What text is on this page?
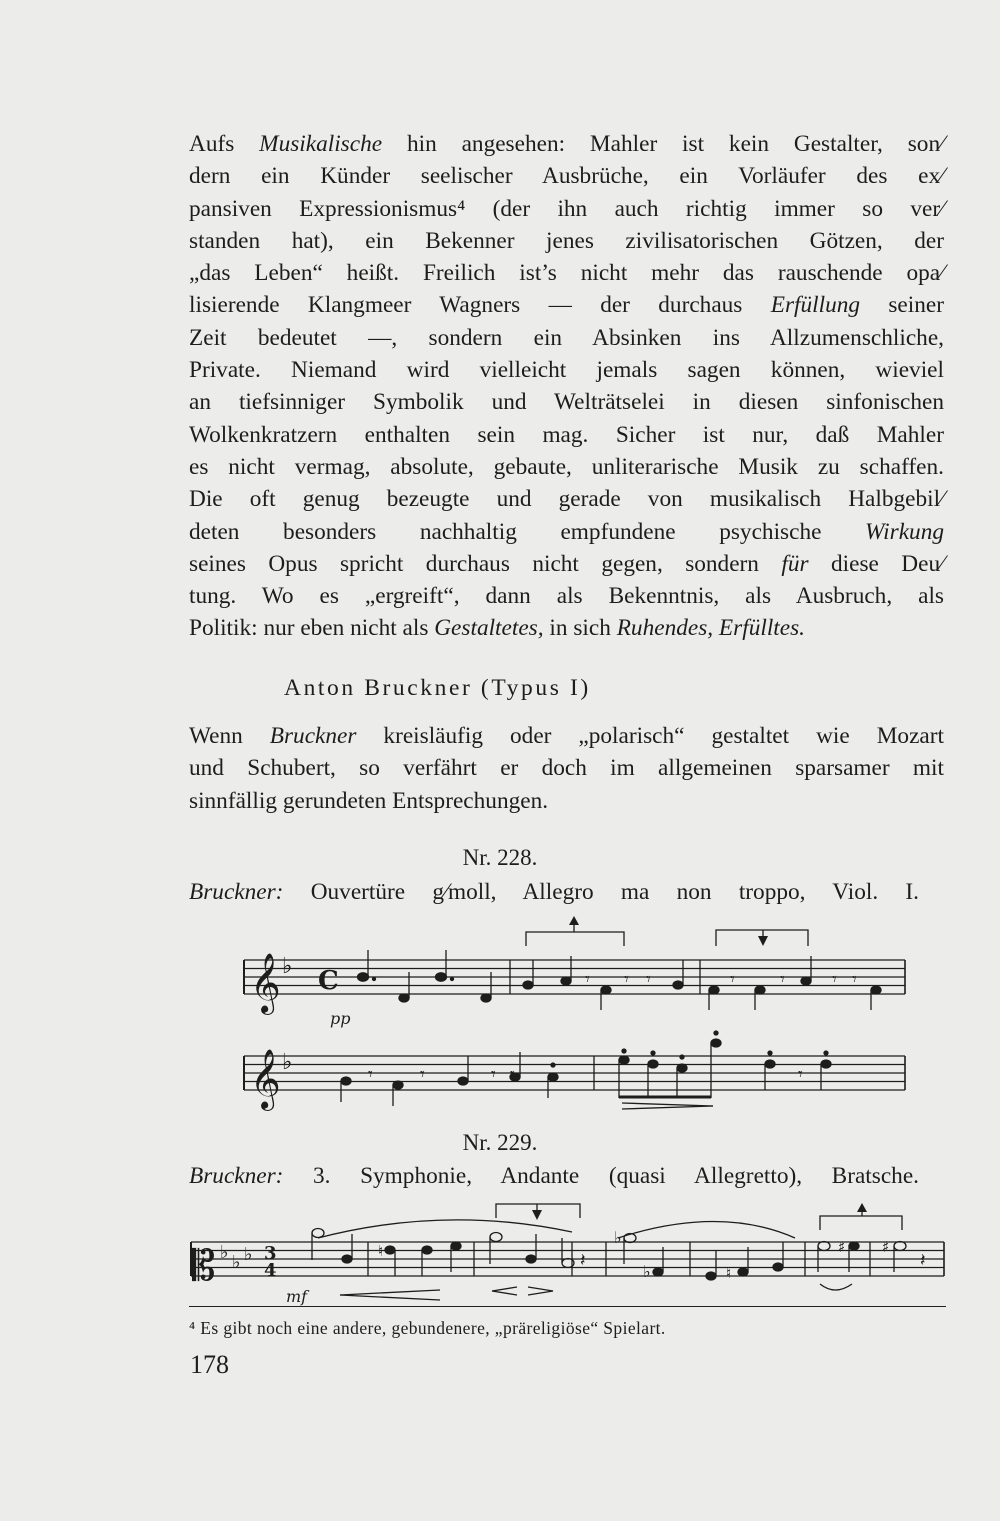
Aufs Musikalische hin angesehen: Mahler ist kein Gestalter, son⁄
dern ein Künder seelischer Ausbrüche, ein Vorläufer des ex⁄
pansiven Expressionismus⁴ (der ihn auch richtig immer so ver⁄
standen hat), ein Bekenner jenes zivilisatorischen Götzen, der
„das Leben“ heißt. Freilich ist’s nicht mehr das rauschende opa⁄
lisierende Klangmeer Wagners — der durchaus Erfüllung seiner
Zeit bedeutet —, sondern ein Absinken ins Allzumenschliche,
Private. Niemand wird vielleicht jemals sagen können, wieviel
an tiefsinniger Symbolik und Welträtselei in diesen sinfonischen
Wolkenkratzern enthalten sein mag. Sicher ist nur, daß Mahler
es nicht vermag, absolute, gebaute, unliterarische Musik zu schaffen.
Die oft genug bezeugte und gerade von musikalisch Halbgebil⁄
deten besonders nachhaltig empfundene psychische Wirkung
seines Opus spricht durchaus nicht gegen, sondern für diese Deu⁄
tung. Wo es „ergreift“, dann als Bekenntnis, als Ausbruch, als
Politik: nur eben nicht als Gestaltetes, in sich Ruhendes, Erfülltes.
Anton Bruckner (Typus I)
Wenn Bruckner kreisläufig oder „polarisch“ gestaltet wie Mozart
und Schubert, so verfährt er doch im allgemeinen sparsamer mit
sinnfällig gerundeten Entsprechungen.
Nr. 228.
Bruckner: Ouvertüre g⁄moll, Allegro ma non troppo, Viol. I.
𝄞 ♭ C
pp
𝄞 ♭	𝄾	𝄾	𝄾 𝄾	𝄾
𝄾 𝄾 𝄾	𝄾	𝄾	𝄾 𝄾
Nr. 229.
Bruckner: 3. Symphonie, Andante (quasi Allegretto), Bratsche.
𝄡 ♭ ♭ ♭ 3
4
♮
♭
♭	♮
♯ ♯
𝄽	𝄽
mf
⁴ Es gibt noch eine andere, gebundenere, „präreligiöse“ Spielart.
178
